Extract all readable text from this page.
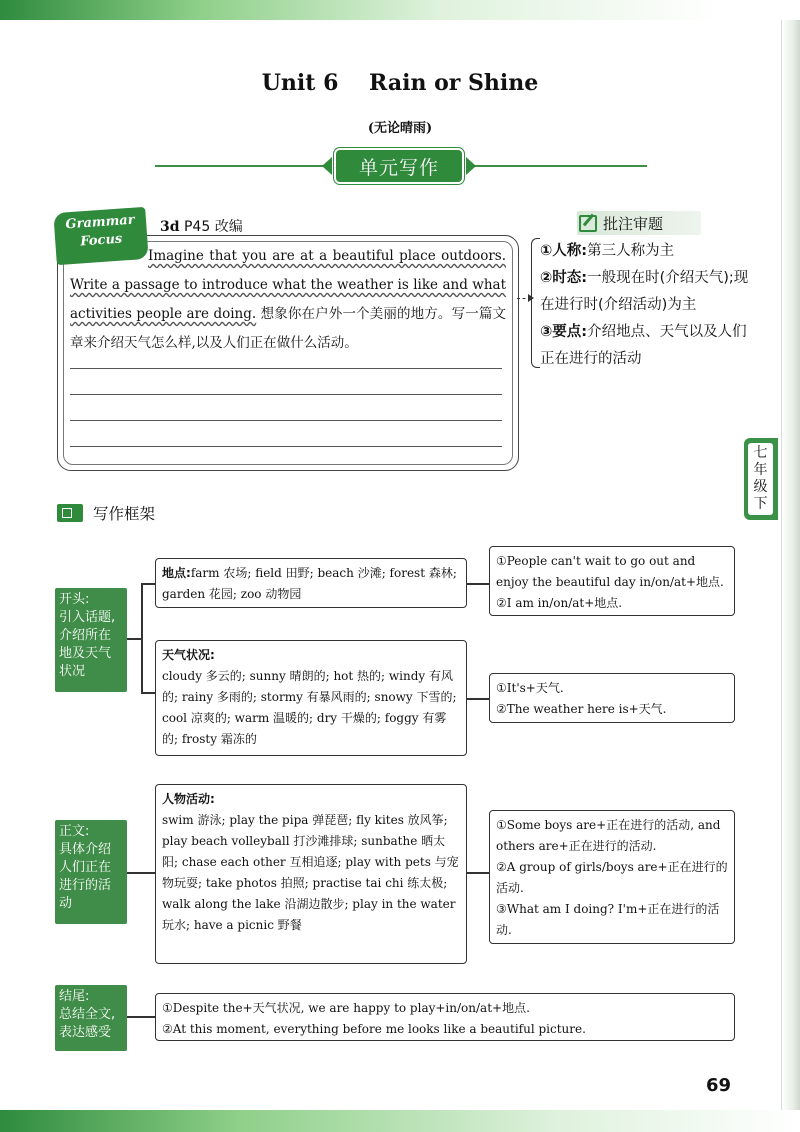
Unit 6    Rain or Shine
(无论晴雨)
单元写作
Grammar
Focus
3d P45 改编
Imagine that you are at a beautiful place outdoors. Write a passage to introduce what the weather is like and what activities people are doing. 想象你在户外一个美丽的地方。写一篇文章来介绍天气怎么样,以及人们正在做什么活动。
批注审题
①人称:第三人称为主
②时态:一般现在时(介绍天气);现在进行时(介绍活动)为主
③要点:介绍地点、天气以及人们正在进行的活动
七年级下
写作框架
开头:
引入话题,
介绍所在
地及天气
状况
正文:
具体介绍
人们正在
进行的活
动
结尾:
总结全文,
表达感受
地点:farm 农场; field 田野; beach 沙滩; forest 森林; garden 花园; zoo 动物园
①People can't wait to go out and enjoy the beautiful day in/on/at+地点.
②I am in/on/at+地点.
天气状况:
cloudy 多云的; sunny 晴朗的; hot 热的; windy 有风的; rainy 多雨的; stormy 有暴风雨的; snowy 下雪的; cool 凉爽的; warm 温暖的; dry 干燥的; foggy 有雾的; frosty 霜冻的
①It's+天气.
②The weather here is+天气.
人物活动:
swim 游泳; play the pipa 弹琵琶; fly kites 放风筝; play beach volleyball 打沙滩排球; sunbathe 晒太阳; chase each other 互相追逐; play with pets 与宠物玩耍; take photos 拍照; practise tai chi 练太极; walk along the lake 沿湖边散步; play in the water 玩水; have a picnic 野餐
①Some boys are+正在进行的活动, and others are+正在进行的活动.
②A group of girls/boys are+正在进行的活动.
③What am I doing? I'm+正在进行的活动.
①Despite the+天气状况, we are happy to play+in/on/at+地点.
②At this moment, everything before me looks like a beautiful picture.
69
